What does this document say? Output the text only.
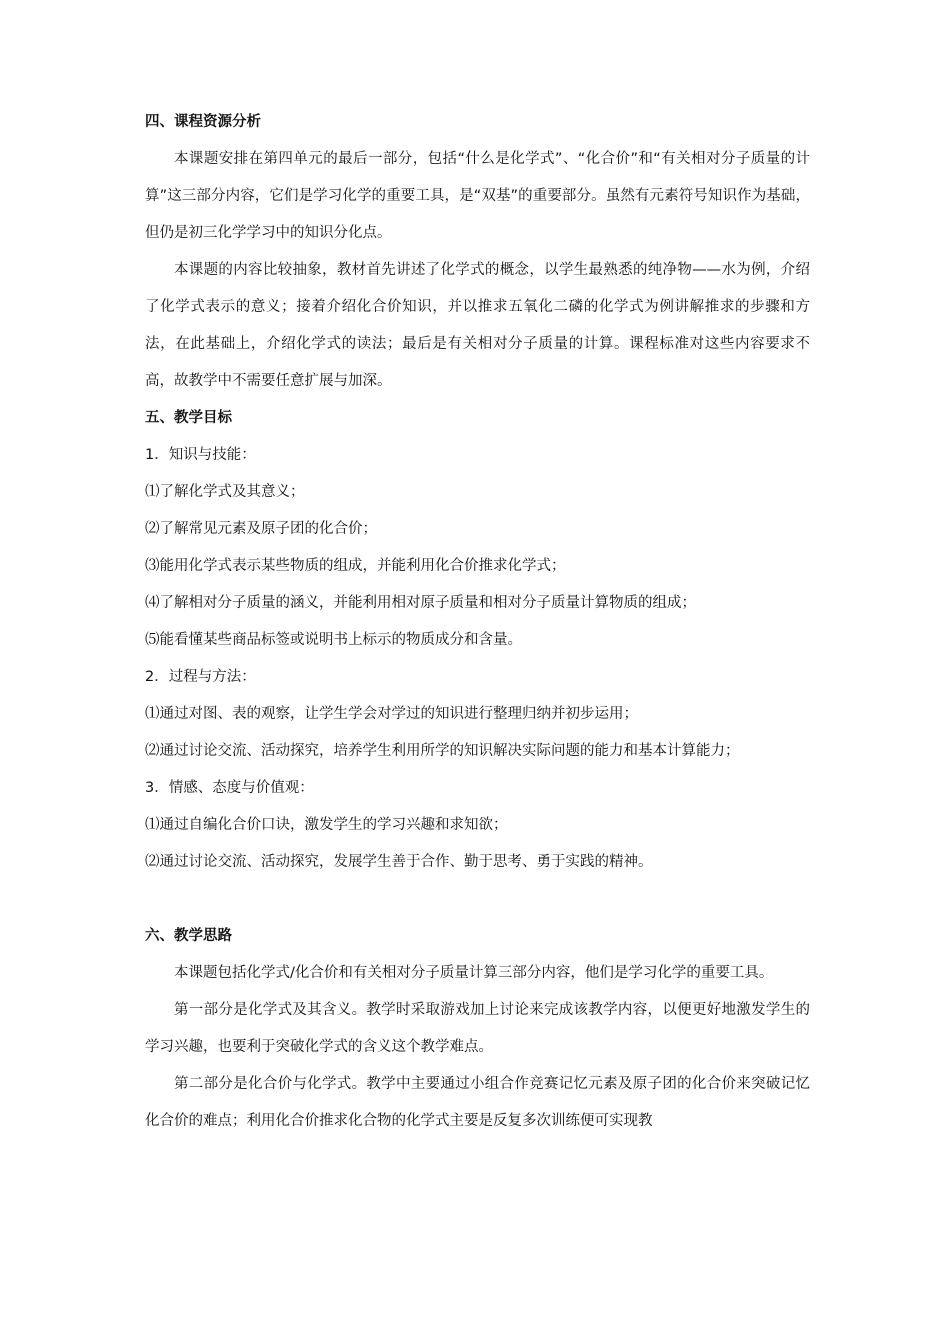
四、课程资源分析

本课题安排在第四单元的最后一部分，包括“什么是化学式”、“化合价”和“有关相对分子质量的计算”这三部分内容，它们是学习化学的重要工具，是“双基”的重要部分。虽然有元素符号知识作为基础，但仍是初三化学学习中的知识分化点。

本课题的内容比较抽象，教材首先讲述了化学式的概念，以学生最熟悉的纯净物——水为例，介绍了化学式表示的意义；接着介绍化合价知识，并以推求五氧化二磷的化学式为例讲解推求的步骤和方法，在此基础上，介绍化学式的读法；最后是有关相对分子质量的计算。课程标准对这些内容要求不高，故教学中不需要任意扩展与加深。

五、教学目标

1．知识与技能：

⑴了解化学式及其意义；

⑵了解常见元素及原子团的化合价；

⑶能用化学式表示某些物质的组成，并能利用化合价推求化学式；

⑷了解相对分子质量的涵义，并能利用相对原子质量和相对分子质量计算物质的组成；

⑸能看懂某些商品标签或说明书上标示的物质成分和含量。

2．过程与方法：

⑴通过对图、表的观察，让学生学会对学过的知识进行整理归纳并初步运用；

⑵通过讨论交流、活动探究，培养学生利用所学的知识解决实际问题的能力和基本计算能力；

3．情感、态度与价值观：

⑴通过自编化合价口诀，激发学生的学习兴趣和求知欲；

⑵通过讨论交流、活动探究，发展学生善于合作、勤于思考、勇于实践的精神。

六、教学思路

本课题包括化学式/化合价和有关相对分子质量计算三部分内容，他们是学习化学的重要工具。

第一部分是化学式及其含义。教学时采取游戏加上讨论来完成该教学内容，以便更好地激发学生的学习兴趣，也要利于突破化学式的含义这个教学难点。

第二部分是化合价与化学式。教学中主要通过小组合作竞赛记忆元素及原子团的化合价来突破记忆化合价的难点；利用化合价推求化合物的化学式主要是反复多次训练便可实现教
